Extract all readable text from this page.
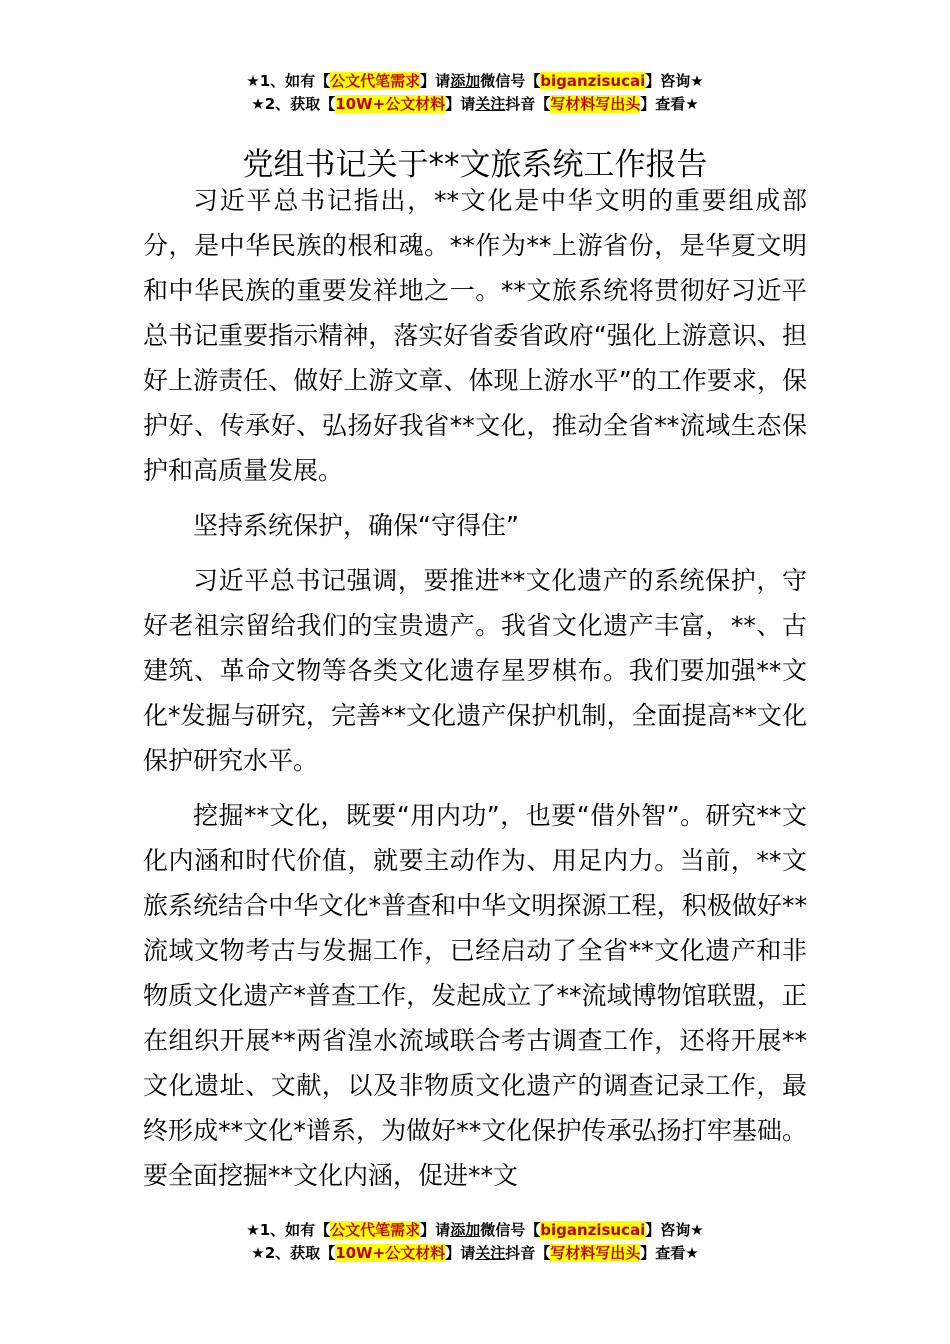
★1、如有【公文代笔需求】请添加微信号【biganzisucai】咨询★
★2、获取【10W+公文材料】请关注抖音【写材料写出头】查看★
党组书记关于**文旅系统工作报告

习近平总书记指出，**文化是中华文明的重要组成部分，是中华民族的根和魂。**作为**上游省份，是华夏文明和中华民族的重要发祥地之一。**文旅系统将贯彻好习近平总书记重要指示精神，落实好省委省政府“强化上游意识、担好上游责任、做好上游文章、体现上游水平”的工作要求，保护好、传承好、弘扬好我省**文化，推动全省**流域生态保护和高质量发展。

坚持系统保护，确保“守得住”

习近平总书记强调，要推进**文化遗产的系统保护，守好老祖宗留给我们的宝贵遗产。我省文化遗产丰富，**、古建筑、革命文物等各类文化遗存星罗棋布。我们要加强**文化*发掘与研究，完善**文化遗产保护机制，全面提高**文化保护研究水平。

挖掘**文化，既要“用内功”，也要“借外智”。研究**文化内涵和时代价值，就要主动作为、用足内力。当前，**文旅系统结合中华文化*普查和中华文明探源工程，积极做好**流域文物考古与发掘工作，已经启动了全省**文化遗产和非物质文化遗产*普查工作，发起成立了**流域博物馆联盟，正在组织开展**两省湟水流域联合考古调查工作，还将开展**文化遗址、文献，以及非物质文化遗产的调查记录工作，最终形成**文化*谱系，为做好**文化保护传承弘扬打牢基础。要全面挖掘**文化内涵，促进**文

★1、如有【公文代笔需求】请添加微信号【biganzisucai】咨询★
★2、获取【10W+公文材料】请关注抖音【写材料写出头】查看★
